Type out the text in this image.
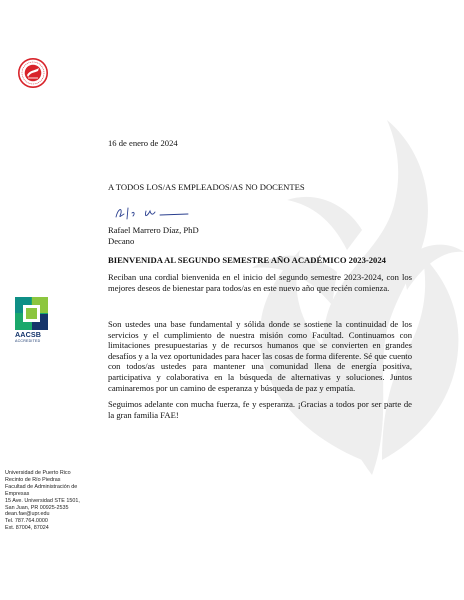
AACSB
ACCREDITED
Universidad de Puerto Rico
Recinto de Río Piedras
Facultad de Administración de
Empresas
15 Ave. Universidad STE 1501,
San Juan, PR 00925-2535
dean.fae@upr.edu
Tel. 787.764.0000
Ext. 87004, 87024
16 de enero de 2024
A TODOS LOS/AS EMPLEADOS/AS NO DOCENTES
Rafael Marrero Díaz, PhD
Decano
BIENVENIDA AL SEGUNDO SEMESTRE AÑO ACADÉMICO 2023-2024

Reciban una cordial bienvenida en el inicio del segundo semestre 2023-2024, con los mejores deseos de bienestar para todos/as en este nuevo año que recién comienza.

Son ustedes una base fundamental y sólida donde se sostiene la continuidad de los servicios y el cumplimiento de nuestra misión como Facultad. Continuamos con limitaciones presupuestarias y de recursos humanos que se convierten en grandes desafíos y a la vez oportunidades para hacer las cosas de forma diferente. Sé que cuento con todos/as ustedes para mantener una comunidad llena de energía positiva, participativa y colaborativa en la búsqueda de alternativas y soluciones. Juntos caminaremos por un camino de esperanza y búsqueda de paz y empatía.

Seguimos adelante con mucha fuerza, fe y esperanza. ¡Gracias a todos por ser parte de la gran familia FAE!
